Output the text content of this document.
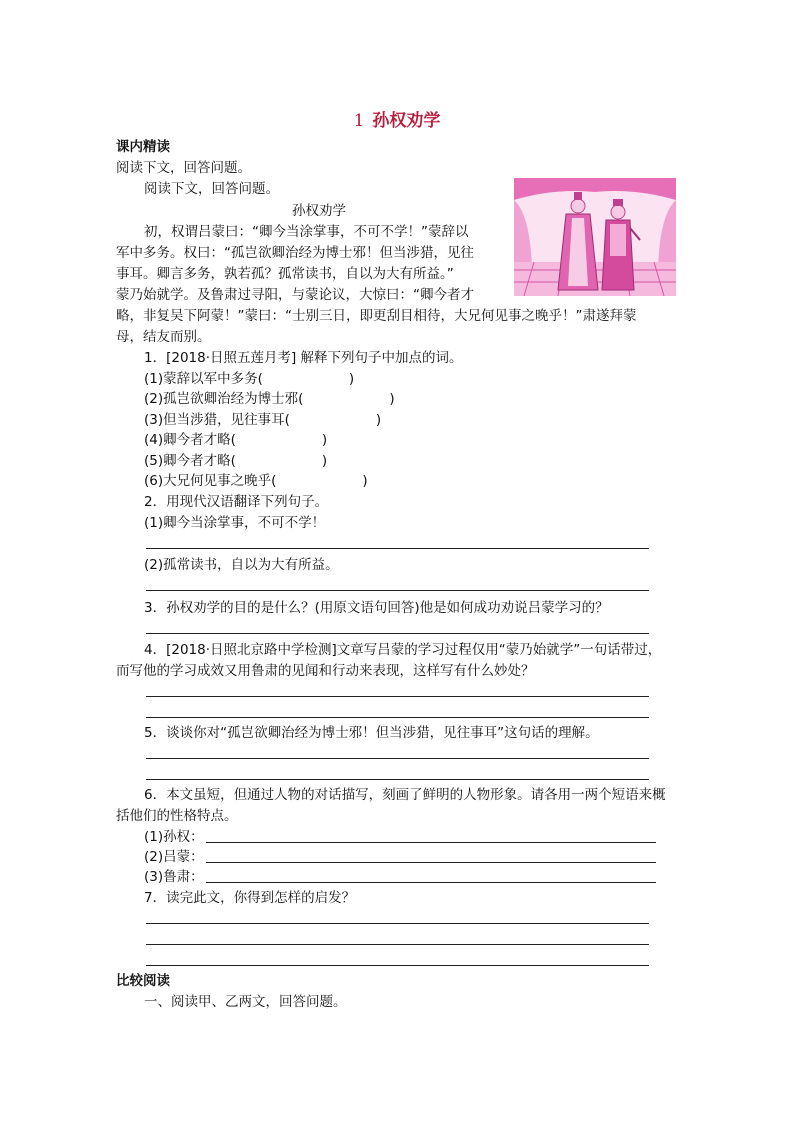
1 孙权劝学
课内精读
阅读下文，回答问题。
阅读下文，回答问题。
孙权劝学
初，权谓吕蒙曰：“卿今当涂掌事，不可不学！”蒙辞以
军中多务。权曰：“孤岂欲卿治经为博士邪！但当涉猎，见往
事耳。卿言多务，孰若孤？孤常读书，自以为大有所益。”
蒙乃始就学。及鲁肃过寻阳，与蒙论议，大惊曰：“卿今者才
略，非复吴下阿蒙！”蒙曰：“士别三日，即更刮目相待，大兄何见事之晚乎！”肃遂拜蒙
母，结友而别。
1．[2018·日照五莲月考] 解释下列句子中加点的词。
(1)蒙辞以军中多务(	)
(2)孤岂欲卿治经为博士邪(	)
(3)但当涉猎，见往事耳(	)
(4)卿今者才略(	)
(5)卿今者才略(	)
(6)大兄何见事之晚乎(	)
2．用现代汉语翻译下列句子。
(1)卿今当涂掌事，不可不学！
(2)孤常读书，自以为大有所益。
3．孙权劝学的目的是什么？(用原文语句回答)他是如何成功劝说吕蒙学习的？
4．[2018·日照北京路中学检测]文章写吕蒙的学习过程仅用“蒙乃始就学”一句话带过，
而写他的学习成效又用鲁肃的见闻和行动来表现，这样写有什么妙处？
5．谈谈你对“孤岂欲卿治经为博士邪！但当涉猎，见往事耳”这句话的理解。
6．本文虽短，但通过人物的对话描写，刻画了鲜明的人物形象。请各用一两个短语来概
括他们的性格特点。
(1)孙权：
(2)吕蒙：
(3)鲁肃：
7．读完此文，你得到怎样的启发？
比较阅读
一、阅读甲、乙两文，回答问题。
